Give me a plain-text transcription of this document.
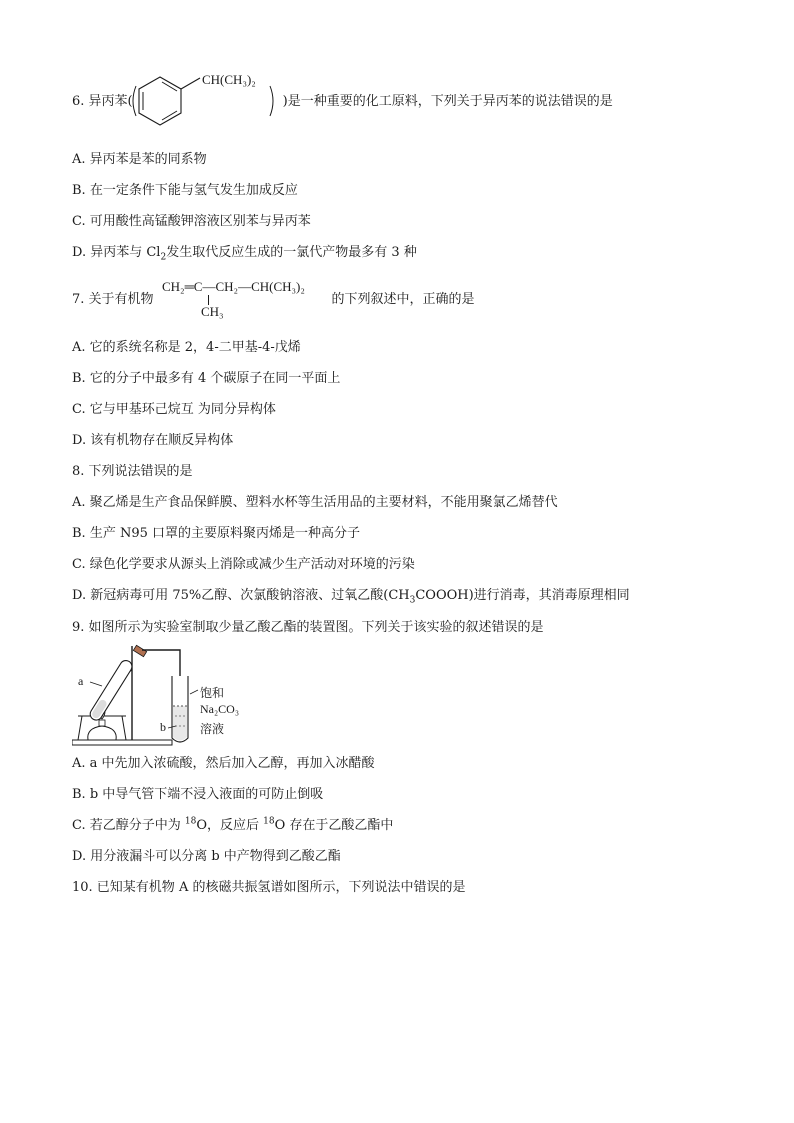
CH(CH₃)₂
6. 异丙苯(	)是一种重要的化工原料，下列关于异丙苯的说法错误的是
A. 异丙苯是苯的同系物
B. 在一定条件下能与氢气发生加成反应
C. 可用酸性高锰酸钾溶液区别苯与异丙苯
D. 异丙苯与 $Cl_2$发生取代反应生成的一氯代产物最多有 3 种
CH₂═C—CH₂—CH(CH₃)₂
CH₃
7. 关于有机物	的下列叙述中，正确的是
A. 它的系统名称是 2，4-二甲基-4-戊烯
B. 它的分子中最多有 4 个碳原子在同一平面上
C. 它与甲基环己烷互 为同分异构体
D. 该有机物存在顺反异构体
8. 下列说法错误的是
A. 聚乙烯是生产食品保鲜膜、塑料水杯等生活用品的主要材料，不能用聚氯乙烯替代
B. 生产 N95 口罩的主要原料聚丙烯是一种高分子
C. 绿色化学要求从源头上消除或减少生产活动对环境的污染
D. 新冠病毒可用 75%乙醇、次氯酸钠溶液、过氧乙酸$(CH_3COOOH)$进行消毒，其消毒原理相同
9. 如图所示为实验室制取少量乙酸乙酯的装置图。下列关于该实验的叙述错误的是
a
b
饱和
Na₂CO₃
溶液
A. a 中先加入浓硫酸，然后加入乙醇，再加入冰醋酸
B. b 中导气管下端不浸入液面的可防止倒吸
C. 若乙醇分子中为 $^{18}$O，反应后 $^{18}$O 存在于乙酸乙酯中
D. 用分液漏斗可以分离 b 中产物得到乙酸乙酯
10. 已知某有机物 A 的核磁共振氢谱如图所示，下列说法中错误的是
